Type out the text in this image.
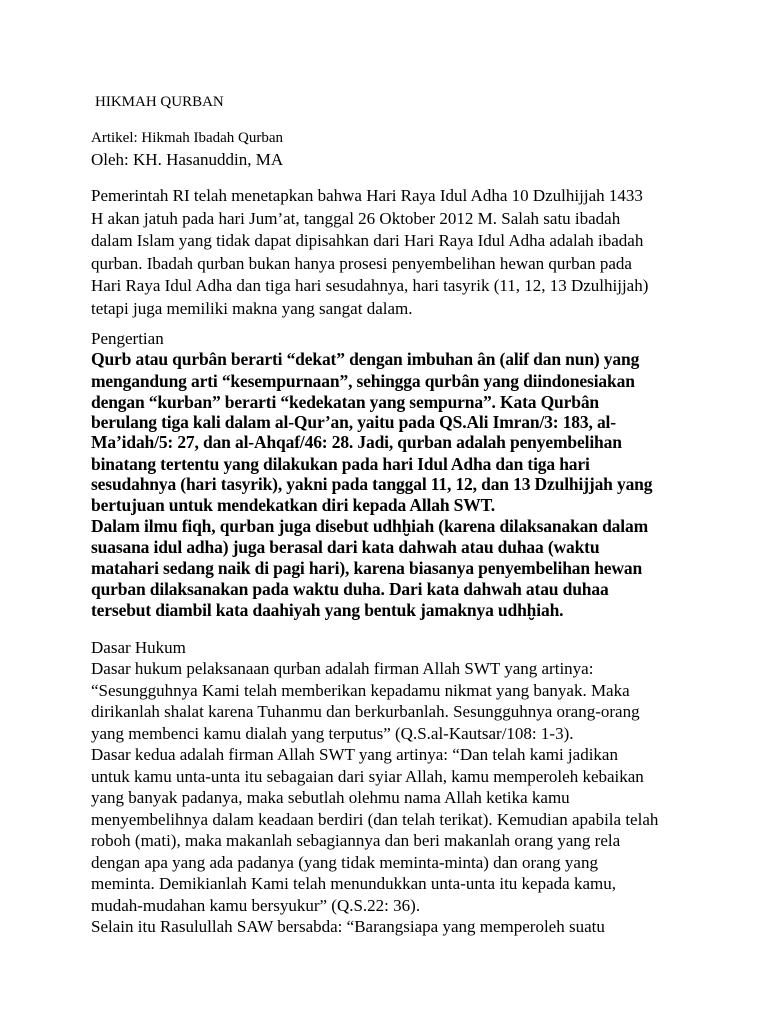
HIKMAH QURBAN
Artikel: Hikmah Ibadah Qurban
Oleh: KH. Hasanuddin, MA
Pemerintah RI telah menetapkan bahwa Hari Raya Idul Adha 10 Dzulhijjah 1433
H akan jatuh pada hari Jum’at, tanggal 26 Oktober 2012 M. Salah satu ibadah
dalam Islam yang tidak dapat dipisahkan dari Hari Raya Idul Adha adalah ibadah
qurban. Ibadah qurban bukan hanya prosesi penyembelihan hewan qurban pada
Hari Raya Idul Adha dan tiga hari sesudahnya, hari tasyrik (11, 12, 13 Dzulhijjah)
tetapi juga memiliki makna yang sangat dalam.
Pengertian
Qurb atau qurbân berarti “dekat” dengan imbuhan ân (alif dan nun) yang
mengandung arti “kesempurnaan”, sehingga qurbân yang diindonesiakan
dengan “kurban” berarti “kedekatan yang sempurna”. Kata Qurbân
berulang tiga kali dalam al-Qur’an, yaitu pada QS.Ali Imran/3: 183, al-
Ma’idah/5: 27, dan al-Ahqaf/46: 28. Jadi, qurban adalah penyembelihan
binatang tertentu yang dilakukan pada hari Idul Adha dan tiga hari
sesudahnya (hari tasyrik), yakni pada tanggal 11, 12, dan 13 Dzulhijjah yang
bertujuan untuk mendekatkan diri kepada Allah SWT.
Dalam ilmu fiqh, qurban juga disebut udhḫiah (karena dilaksanakan dalam
suasana idul adha) juga berasal dari kata dahwah atau duhaa (waktu
matahari sedang naik di pagi hari), karena biasanya penyembelihan hewan
qurban dilaksanakan pada waktu duha. Dari kata dahwah atau duhaa
tersebut diambil kata daahiyah yang bentuk jamaknya udhḫiah.
Dasar Hukum
Dasar hukum pelaksanaan qurban adalah firman Allah SWT yang artinya:
“Sesungguhnya Kami telah memberikan kepadamu nikmat yang banyak. Maka
dirikanlah shalat karena Tuhanmu dan berkurbanlah. Sesungguhnya orang-orang
yang membenci kamu dialah yang terputus” (Q.S.al-Kautsar/108: 1-3).
Dasar kedua adalah firman Allah SWT yang artinya: “Dan telah kami jadikan
untuk kamu unta-unta itu sebagaian dari syiar Allah, kamu memperoleh kebaikan
yang banyak padanya, maka sebutlah olehmu nama Allah ketika kamu
menyembelihnya dalam keadaan berdiri (dan telah terikat). Kemudian apabila telah
roboh (mati), maka makanlah sebagiannya dan beri makanlah orang yang rela
dengan apa yang ada padanya (yang tidak meminta-minta) dan orang yang
meminta. Demikianlah Kami telah menundukkan unta-unta itu kepada kamu,
mudah-mudahan kamu bersyukur” (Q.S.22: 36).
Selain itu Rasulullah SAW bersabda: “Barangsiapa yang memperoleh suatu
